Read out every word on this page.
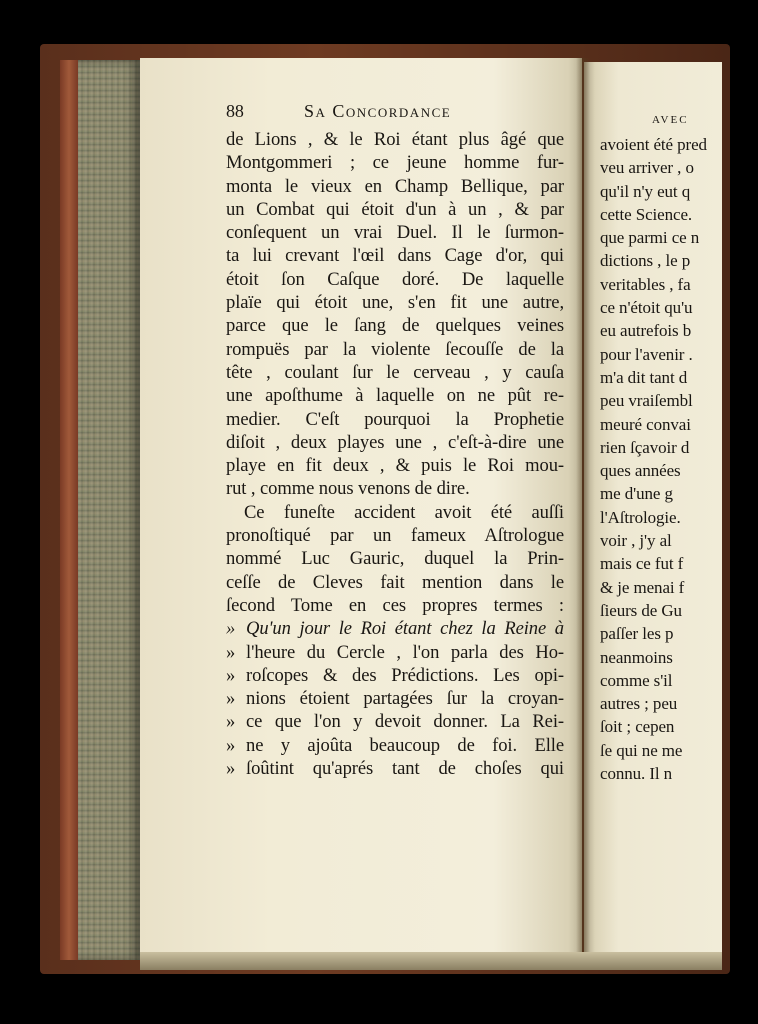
88	Sa Concordance
de Lions , & le Roi étant plus âgé que
Montgommeri ; ce jeune homme fur-
monta le vieux en Champ Bellique, par
un Combat qui étoit d'un à un , & par
conſequent un vrai Duel. Il le ſurmon-
ta lui crevant l'œil dans Cage d'or, qui
étoit ſon Caſque doré. De laquelle
plaïe qui étoit une, s'en fit une autre,
parce que le ſang de quelques veines
rompuës par la violente ſecouſſe de la
tête , coulant ſur le cerveau , y cauſa
une apoſthume à laquelle on ne pût re-
medier. C'eſt pourquoi la Prophetie
diſoit , deux playes une , c'eſt-à-dire une
playe en fit deux , & puis le Roi mou-
rut , comme nous venons de dire.
Ce funeſte accident avoit été auſſi
pronoſtiqué par un fameux Aſtrologue
nommé Luc Gauric, duquel la Prin-
ceſſe de Cleves fait mention dans le
ſecond Tome en ces propres termes :
» Qu'un jour le Roi étant chez la Reine à
» l'heure du Cercle , l'on parla des Ho-
» roſcopes & des Prédictions. Les opi-
» nions étoient partagées ſur la croyan-
» ce que l'on y devoit donner. La Rei-
» ne y ajoûta beaucoup de foi. Elle
» ſoûtint qu'aprés tant de choſes qui
avec
avoient été pred
veu arriver , o
qu'il n'y eut q
cette Science.
que parmi ce n
dictions , le p
veritables , fa
ce n'étoit qu'u
eu autrefois b
pour l'avenir .
m'a dit tant d
peu vraiſembl
meuré convai
rien ſçavoir d
ques années
me d'une g
l'Aſtrologie.
voir , j'y al
mais ce fut f
& je menai f
ſieurs de Gu
paſſer les p
neanmoins
comme s'il
autres ; peu
ſoit ; cepen
ſe qui ne me
connu. Il n
